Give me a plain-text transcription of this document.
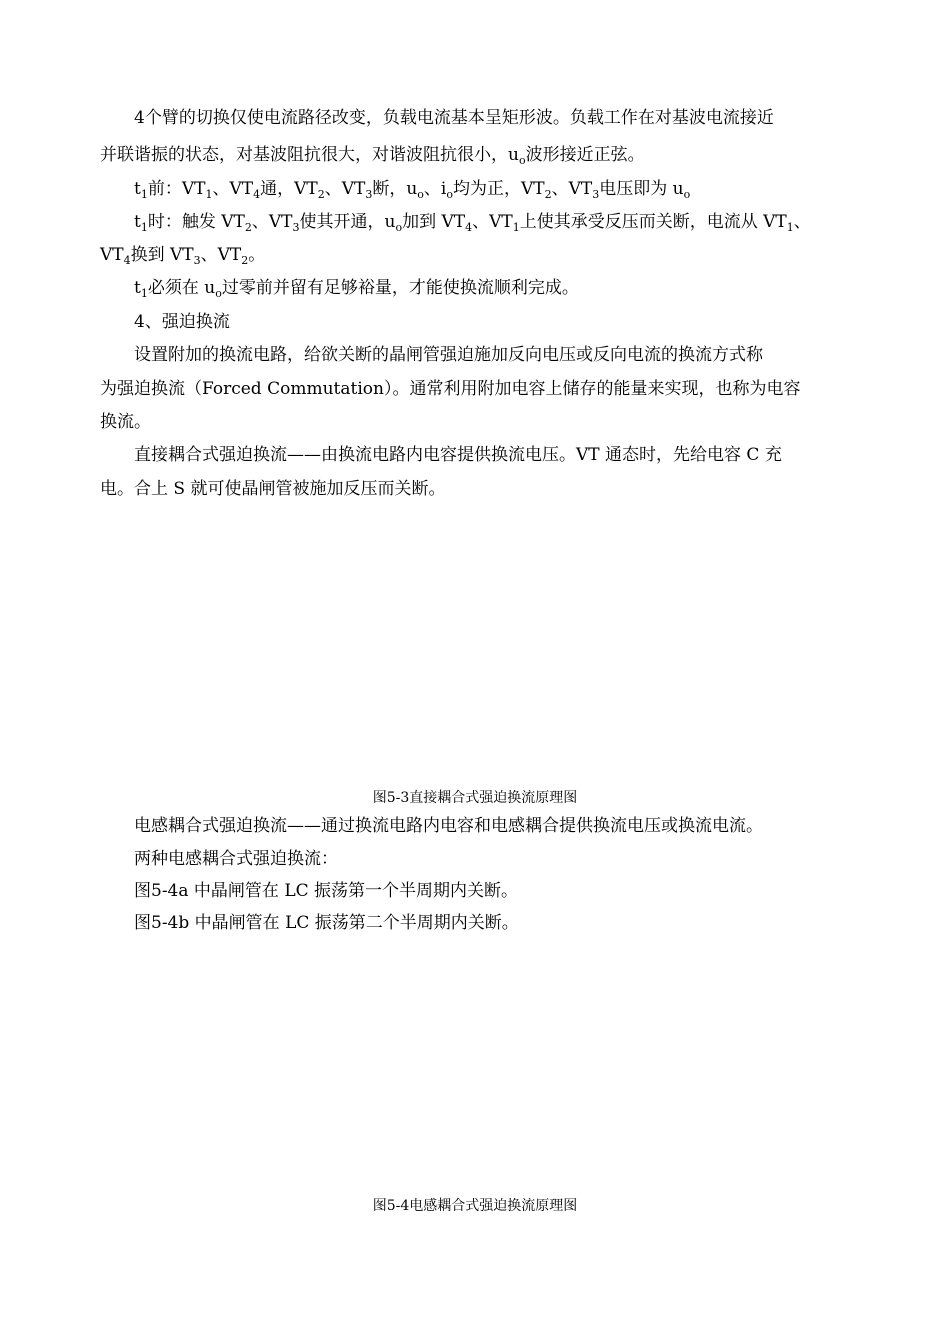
4个臂的切换仅使电流路径改变，负载电流基本呈矩形波。负载工作在对基波电流接近
并联谐振的状态，对基波阻抗很大，对谐波阻抗很小，$u_o$波形接近正弦。
$t_1$前：$VT_1$、$VT_4$通，$VT_2$、$VT_3$断，$u_o$、$i_o$均为正，$VT_2$、$VT_3$电压即为 $u_o$
$t_1$时：触发 $VT_2$、$VT_3$使其开通，$u_o$加到 $VT_4$、$VT_1$上使其承受反压而关断，电流从 $VT_1$、
$VT_4$换到 $VT_3$、$VT_2$。
$t_1$必须在 $u_o$过零前并留有足够裕量，才能使换流顺利完成。
4、强迫换流
设置附加的换流电路，给欲关断的晶闸管强迫施加反向电压或反向电流的换流方式称
为强迫换流（Forced Commutation）。通常利用附加电容上储存的能量来实现，也称为电容
换流。
直接耦合式强迫换流——由换流电路内电容提供换流电压。VT 通态时，先给电容 C 充
电。合上 S 就可使晶闸管被施加反压而关断。
图5-3直接耦合式强迫换流原理图
电感耦合式强迫换流——通过换流电路内电容和电感耦合提供换流电压或换流电流。
两种电感耦合式强迫换流：
图5-4a 中晶闸管在 LC 振荡第一个半周期内关断。
图5-4b 中晶闸管在 LC 振荡第二个半周期内关断。
图5-4电感耦合式强迫换流原理图
